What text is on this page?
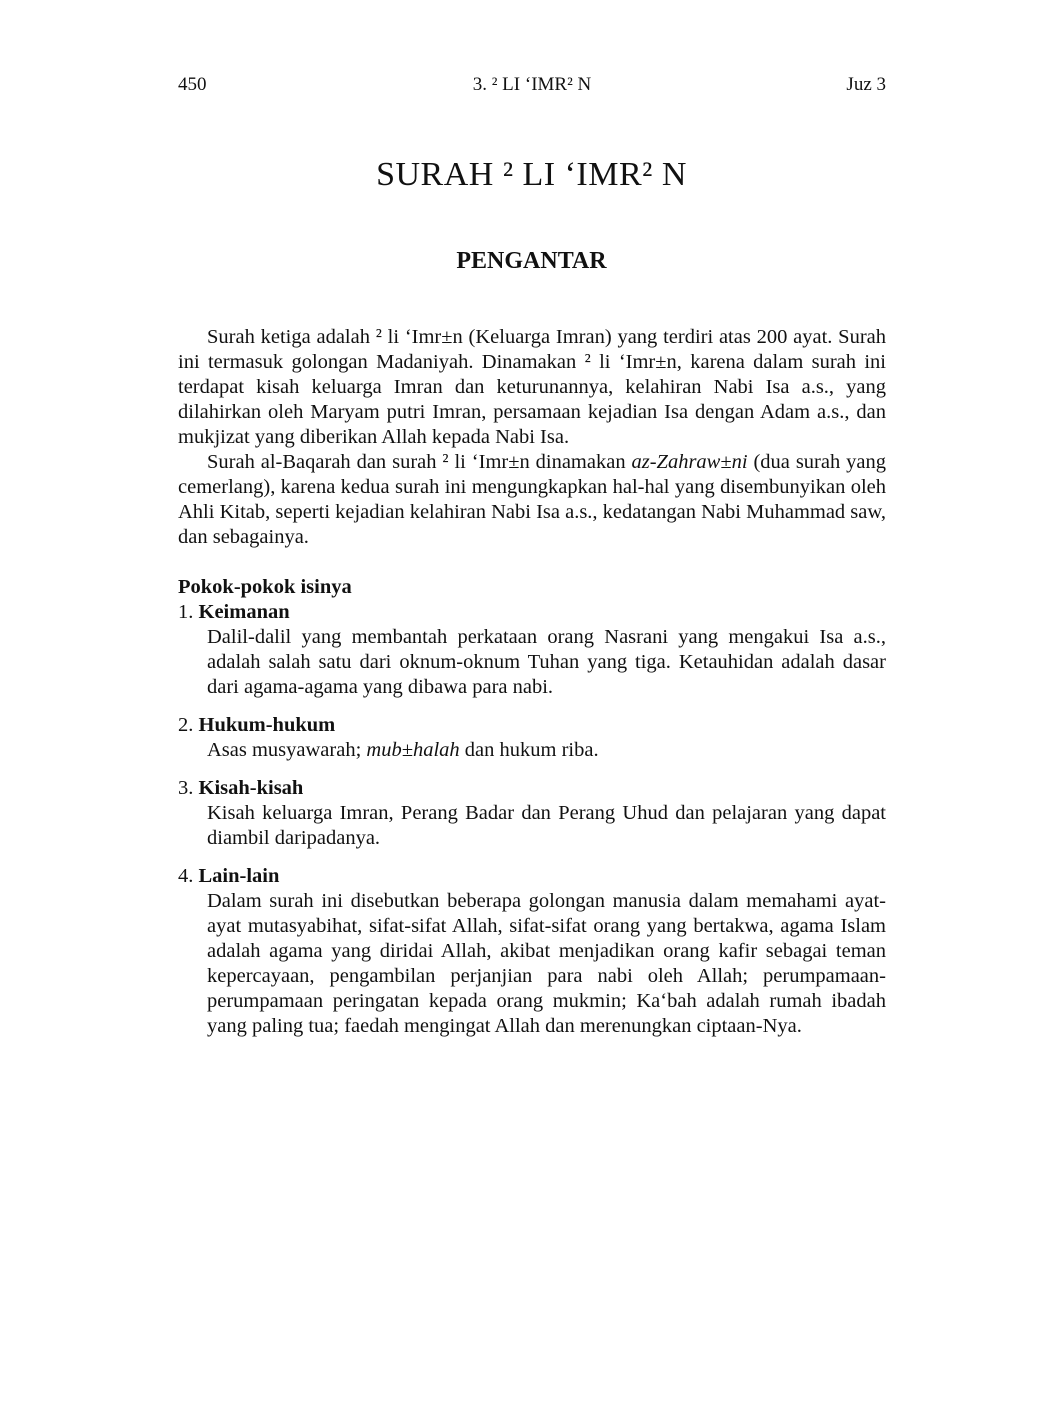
450	3. ² LI ‘IMR² N	Juz 3
SURAH ² LI ‘IMR² N
PENGANTAR

Surah ketiga adalah ² li ‘Imr±n (Keluarga Imran) yang terdiri atas 200 ayat. Surah ini termasuk golongan Madaniyah. Dinamakan ² li ‘Imr±n, karena dalam surah ini terdapat kisah keluarga Imran dan keturunannya, kelahiran Nabi Isa a.s., yang dilahirkan oleh Maryam putri Imran, persamaan kejadian Isa dengan Adam a.s., dan mukjizat yang diberikan Allah kepada Nabi Isa.

Surah al-Baqarah dan surah ² li ‘Imr±n dinamakan az-Zahraw±ni (dua surah yang cemerlang), karena kedua surah ini mengungkapkan hal-hal yang disembunyikan oleh Ahli Kitab, seperti kejadian kelahiran Nabi Isa a.s., kedatangan Nabi Muhammad saw, dan sebagainya.

Pokok-pokok isinya

1. Keimanan

Dalil-dalil yang membantah perkataan orang Nasrani yang mengakui Isa a.s., adalah salah satu dari oknum-oknum Tuhan yang tiga. Ketauhidan adalah dasar dari agama-agama yang dibawa para nabi.

2. Hukum-hukum

Asas musyawarah; mub±halah dan hukum riba.

3. Kisah-kisah

Kisah keluarga Imran, Perang Badar dan Perang Uhud dan pelajaran yang dapat diambil daripadanya.

4. Lain-lain

Dalam surah ini disebutkan beberapa golongan manusia dalam memahami ayat-ayat mutasyabihat, sifat-sifat Allah, sifat-sifat orang yang bertakwa, agama Islam adalah agama yang diridai Allah, akibat menjadikan orang kafir sebagai teman kepercayaan, pengambilan perjanjian para nabi oleh Allah; perumpamaan-perumpamaan peringatan kepada orang mukmin; Ka‘bah adalah rumah ibadah yang paling tua; faedah mengingat Allah dan merenungkan ciptaan-Nya.
